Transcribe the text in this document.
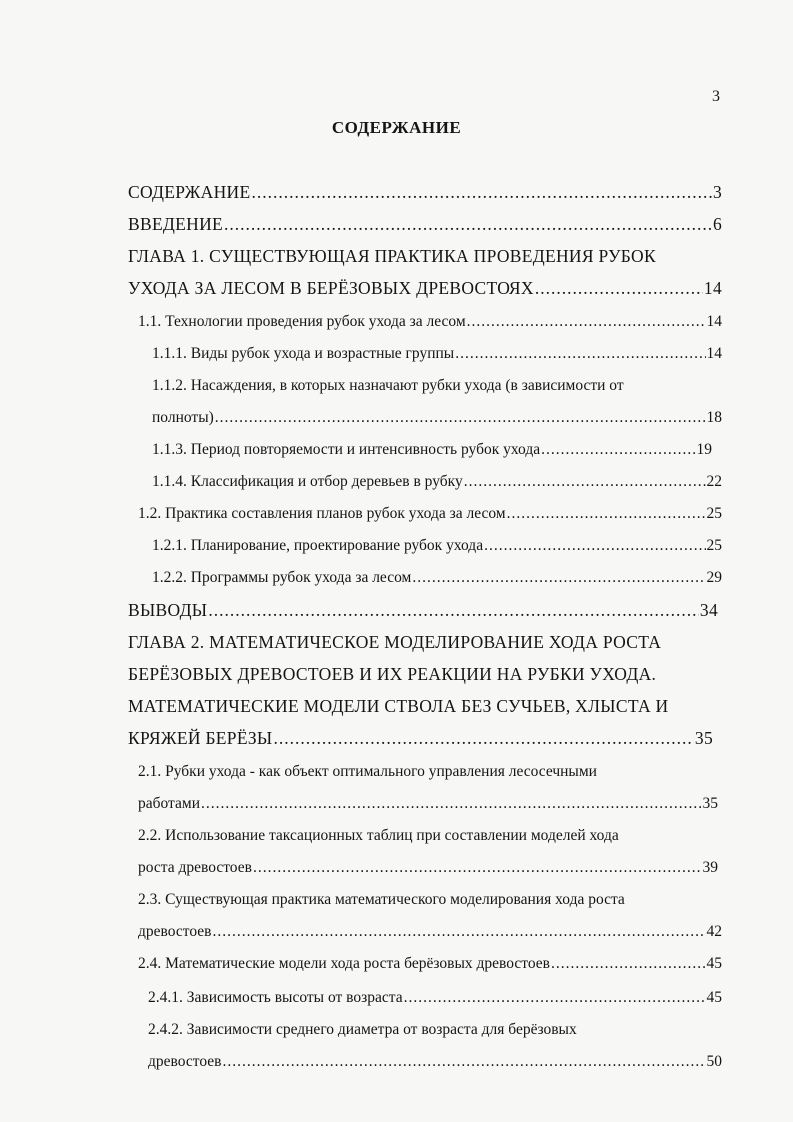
3
СОДЕРЖАНИЕ
СОДЕРЖАНИЕ .....	3
ВВЕДЕНИЕ .....	6
ГЛАВА 1. СУЩЕСТВУЮЩАЯ ПРАКТИКА ПРОВЕДЕНИЯ РУБОК
УХОДА ЗА ЛЕСОМ В БЕРЁЗОВЫХ ДРЕВОСТОЯХ .....	14
1.1. Технологии проведения рубок ухода за лесом .....	14
1.1.1. Виды рубок ухода и возрастные группы .....	14
1.1.2. Насаждения, в которых назначают рубки ухода (в зависимости от
полноты) .....	18
1.1.3. Период повторяемости и интенсивность рубок ухода .....	19
1.1.4. Классификация и отбор деревьев в рубку .....	22
1.2. Практика составления планов рубок ухода за лесом .....	25
1.2.1. Планирование, проектирование рубок ухода .....	25
1.2.2. Программы рубок ухода за лесом .....	29
ВЫВОДЫ .....	34
ГЛАВА 2. МАТЕМАТИЧЕСКОЕ МОДЕЛИРОВАНИЕ ХОДА РОСТА
БЕРЁЗОВЫХ ДРЕВОСТОЕВ И ИХ РЕАКЦИИ НА РУБКИ УХОДА.
МАТЕМАТИЧЕСКИЕ МОДЕЛИ СТВОЛА БЕЗ СУЧЬЕВ, ХЛЫСТА И
КРЯЖЕЙ БЕРЁЗЫ .....	35
2.1. Рубки ухода - как объект оптимального управления лесосечными
работами .....	35
2.2. Использование таксационных таблиц при составлении моделей хода
роста древостоев .....	39
2.3. Существующая практика математического моделирования хода роста
древостоев .....	42
2.4. Математические модели хода роста берёзовых древостоев .....	45
2.4.1. Зависимость высоты от возраста .....	45
2.4.2. Зависимости среднего диаметра от возраста для берёзовых
древостоев .....	50
